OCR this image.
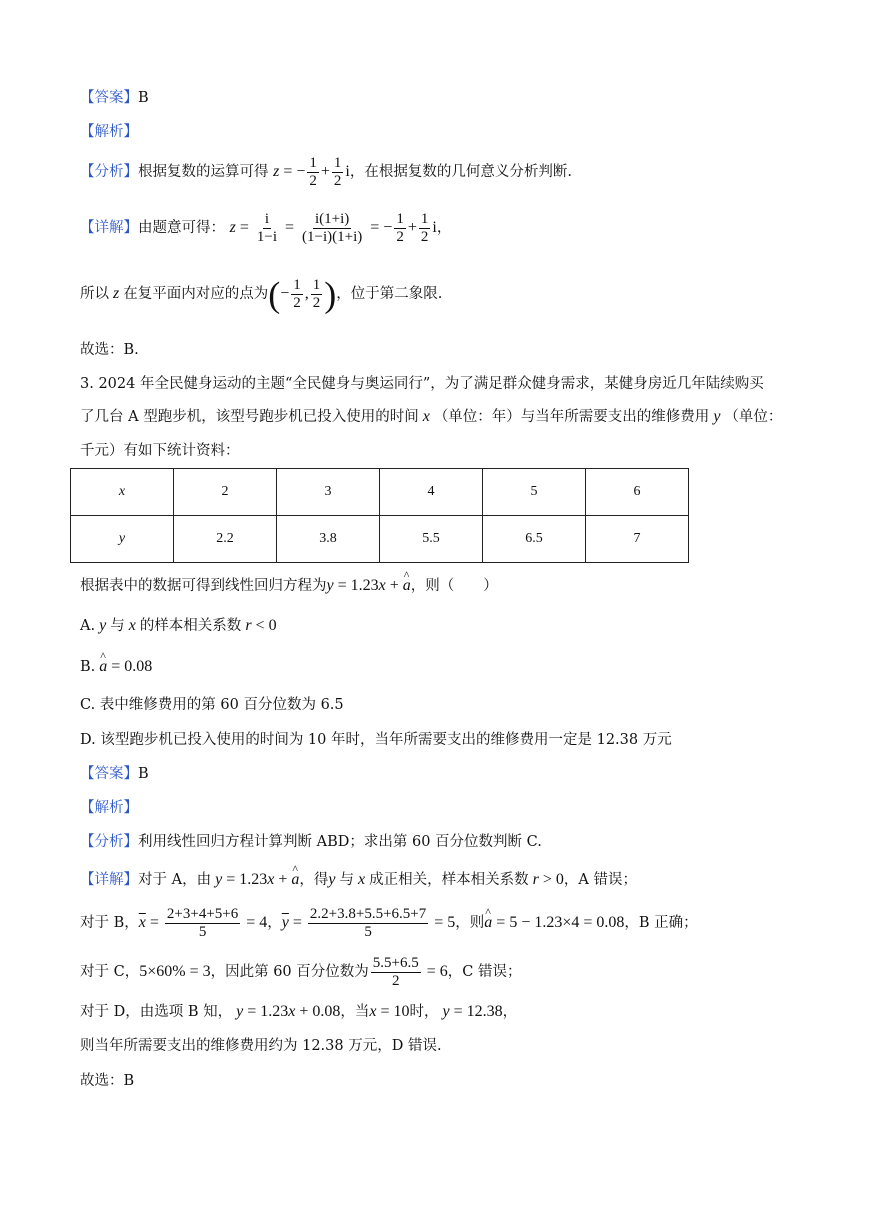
【答案】B
【解析】
【分析】根据复数的运算可得 z = − $\frac{1}{2} + \frac{1}{2}$ i，在根据复数的几何意义分析判断.
【详解】由题意可得： $z = \frac{i}{1-i} = \frac{i(1+i)}{(1-i)(1+i)}$ = − $\frac{1}{2} + \frac{1}{2}$ i，
所以 z 在复平面内对应的点为(− $\frac{1}{2}$ , $\frac{1}{2}$ )，位于第二象限.
故选：B.
3. 2024 年全民健身运动的主题“全民健身与奥运同行”，为了满足群众健身需求，某健身房近几年陆续购买
了几台 A 型跑步机，该型号跑步机已投入使用的时间 x （单位：年）与当年所需要支出的维修费用 y （单位：
千元）有如下统计资料：
x	2	3	4	5	6
y	2.2	3.8	5.5	6.5	7
根据表中的数据可得到线性回归方程为y = 1.23x + ^ a，则（　　）
A. y 与 x 的样本相关系数 r < 0
B. ^ a = 0.08
C. 表中维修费用的第 60 百分位数为 6.5
D. 该型跑步机已投入使用的时间为 10 年时，当年所需要支出的维修费用一定是 12.38 万元
【答案】B
【解析】
【分析】利用线性回归方程计算判断 ABD；求出第 60 百分位数判断 C.
【详解】对于 A，由 y = 1.23x + ^ a，得y 与 x 成正相关，样本相关系数 r > 0，A 错误；
对于 B，$\overline{x} = \frac{2+3+4+5+6}{5} = 4$，$\overline{y} = \frac{2.2+3.8+5.5+6.5+7}{5} = 5$，则^ a = 5 − 1.23×4 = 0.08，B 正确；
对于 C，5×60% = 3，因此第 60 百分位数为 $\frac{5.5+6.5}{2} = 6$，C 错误；
对于 D，由选项 B 知， y = 1.23x + 0.08，当x = 10时， y = 12.38，
则当年所需要支出的维修费用约为 12.38 万元，D 错误.
故选：B
